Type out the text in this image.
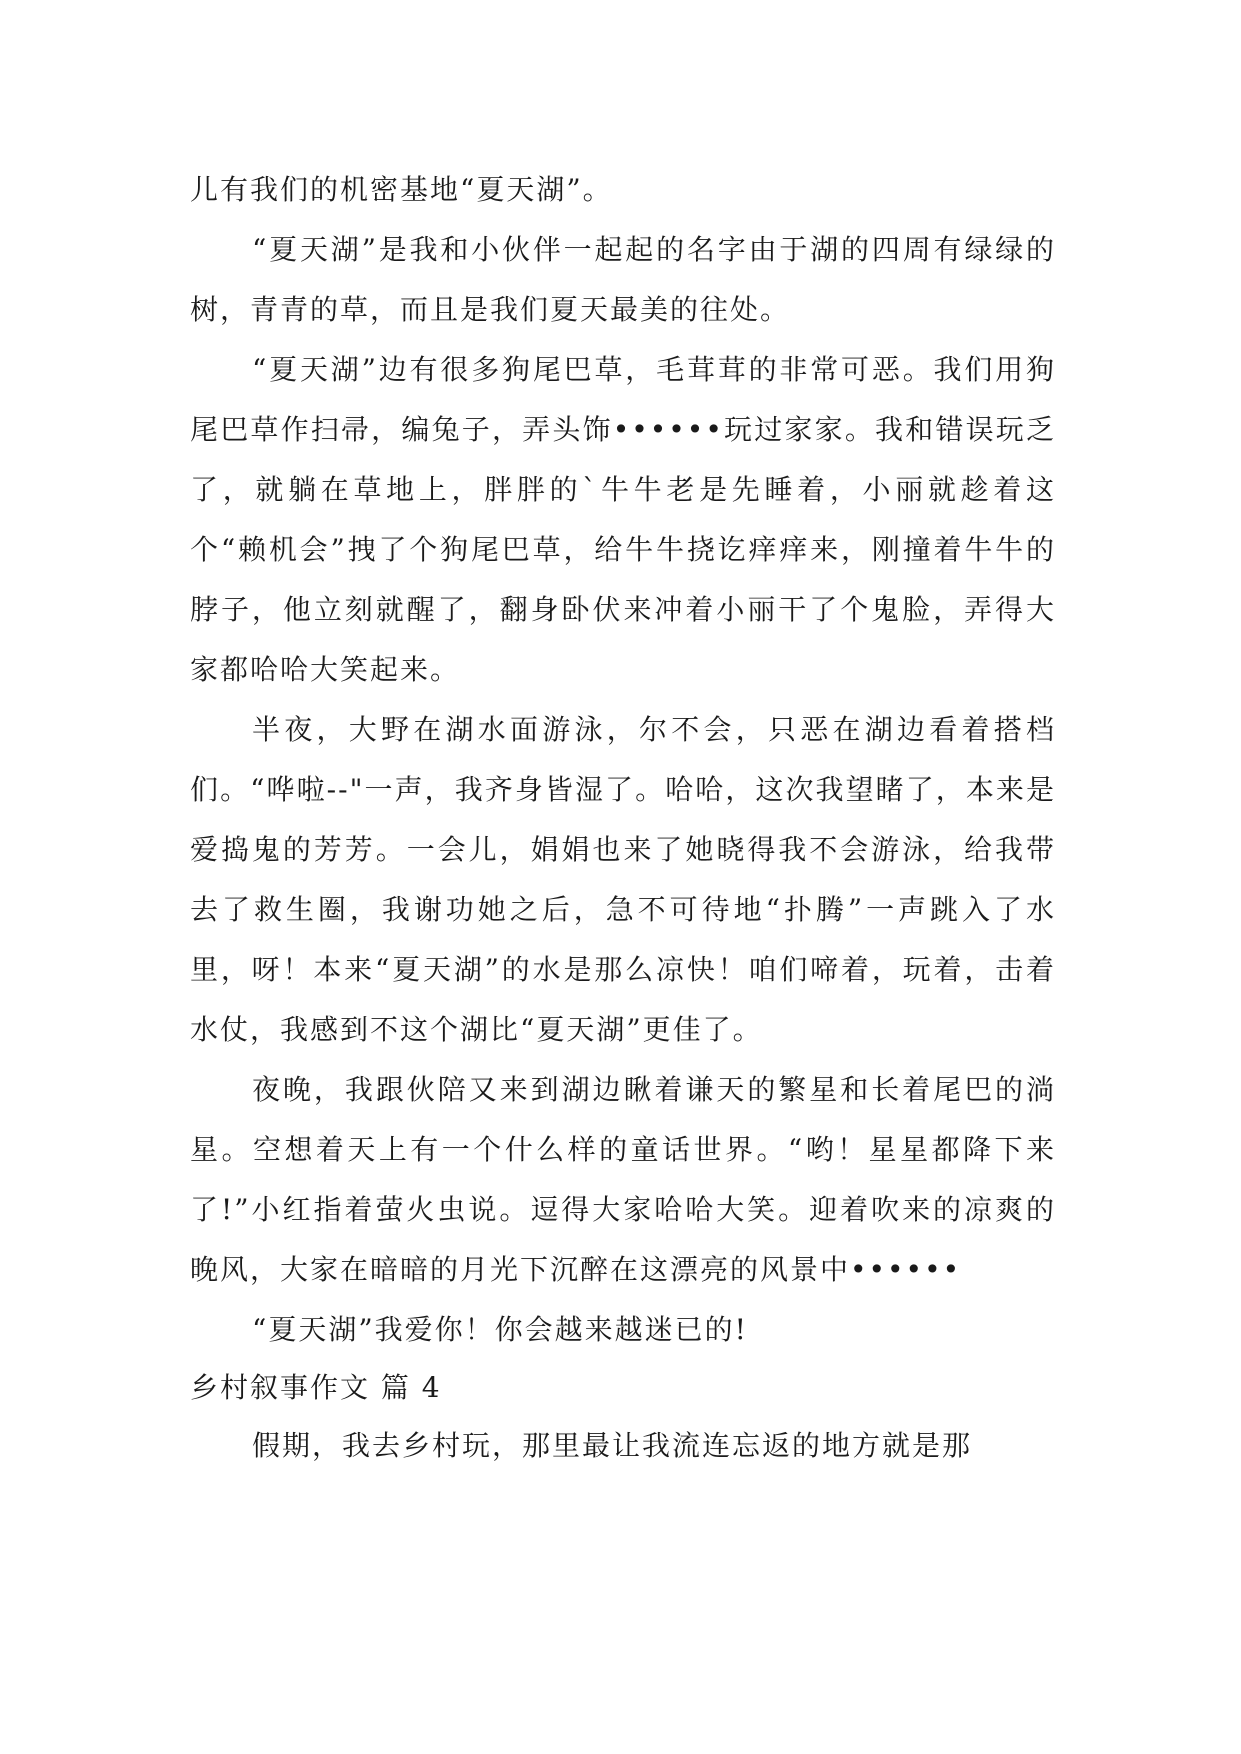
儿有我们的机密基地“夏天湖”。

“夏天湖”是我和小伙伴一起起的名字由于湖的四周有绿绿的树，青青的草，而且是我们夏天最美的往处。

“夏天湖”边有很多狗尾巴草，毛茸茸的非常可恶。我们用狗尾巴草作扫帚，编兔子，弄头饰••••••玩过家家。我和错误玩乏了，就躺在草地上，胖胖的`牛牛老是先睡着，小丽就趁着这个“赖机会”拽了个狗尾巴草，给牛牛挠讫痒痒来，刚撞着牛牛的脖子，他立刻就醒了，翻身卧伏来冲着小丽干了个鬼脸，弄得大家都哈哈大笑起来。

半夜，大野在湖水面游泳，尔不会，只恶在湖边看着搭档们。“哗啦--"一声，我齐身皆湿了。哈哈，这次我望睹了，本来是爱捣鬼的芳芳。一会儿，娟娟也来了她晓得我不会游泳，给我带去了救生圈，我谢功她之后，急不可待地“扑腾”一声跳入了水里，呀！本来“夏天湖”的水是那么凉快！咱们啼着，玩着，击着水仗，我感到不这个湖比“夏天湖”更佳了。

夜晚，我跟伙陪又来到湖边瞅着谦天的繁星和长着尾巴的淌星。空想着天上有一个什么样的童话世界。“哟！星星都降下来了!”小红指着萤火虫说。逗得大家哈哈大笑。迎着吹来的凉爽的晚风，大家在暗暗的月光下沉醉在这漂亮的风景中••••••

“夏天湖”我爱你！你会越来越迷已的!

乡村叙事作文 篇 4

假期，我去乡村玩，那里最让我流连忘返的地方就是那
